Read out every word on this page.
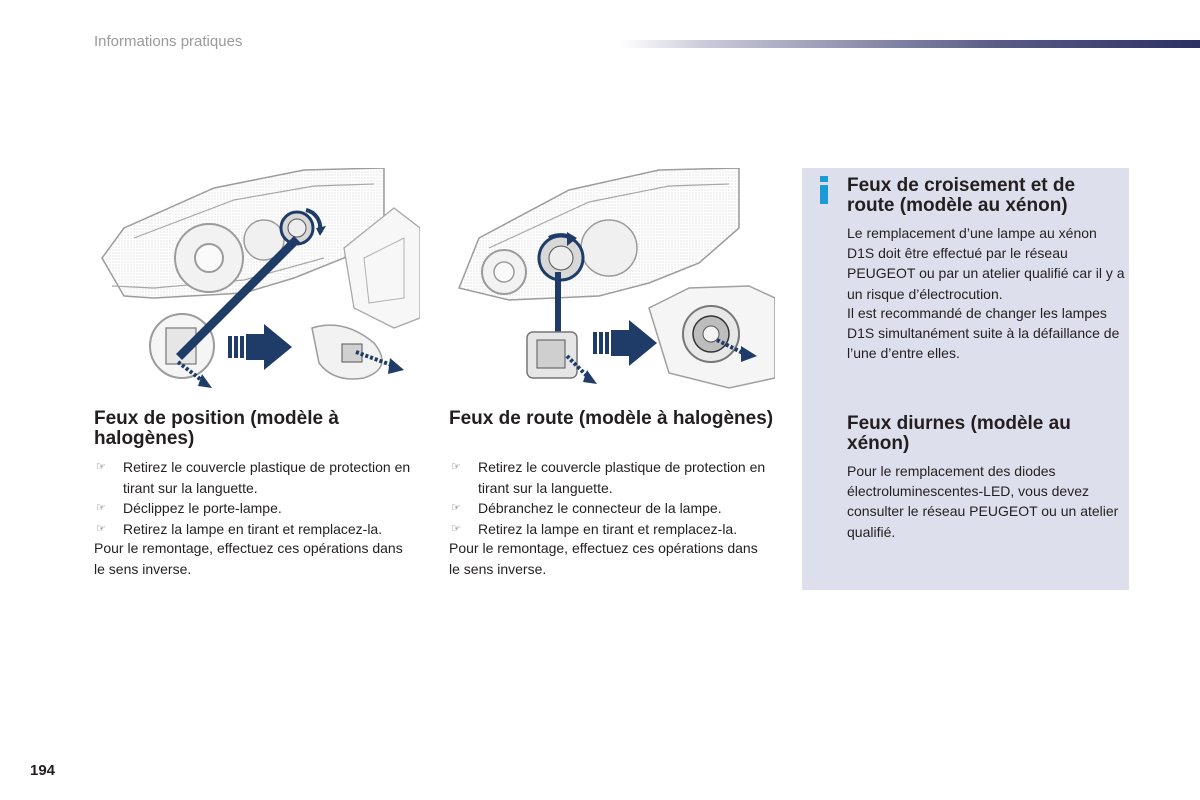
Informations pratiques
Feux de position (modèle à halogènes)
☞ Retirez le couvercle plastique de protection en tirant sur la languette.
☞ Déclippez le porte-lampe.
☞ Retirez la lampe en tirant et remplacez-la.

Pour le remontage, effectuez ces opérations dans le sens inverse.

Feux de route (modèle à halogènes)
☞ Retirez le couvercle plastique de protection en tirant sur la languette.
☞ Débranchez le connecteur de la lampe.
☞ Retirez la lampe en tirant et remplacez-la.

Pour le remontage, effectuez ces opérations dans le sens inverse.

Feux de croisement et de route (modèle au xénon)

Le remplacement d’une lampe au xénon D1S doit être effectué par le réseau PEUGEOT ou par un atelier qualifié car il y a un risque d’électrocution.

Il est recommandé de changer les lampes D1S simultanément suite à la défaillance de l’une d’entre elles.

Feux diurnes (modèle au xénon)

Pour le remplacement des diodes électroluminescentes-LED, vous devez consulter le réseau PEUGEOT ou un atelier qualifié.

194
